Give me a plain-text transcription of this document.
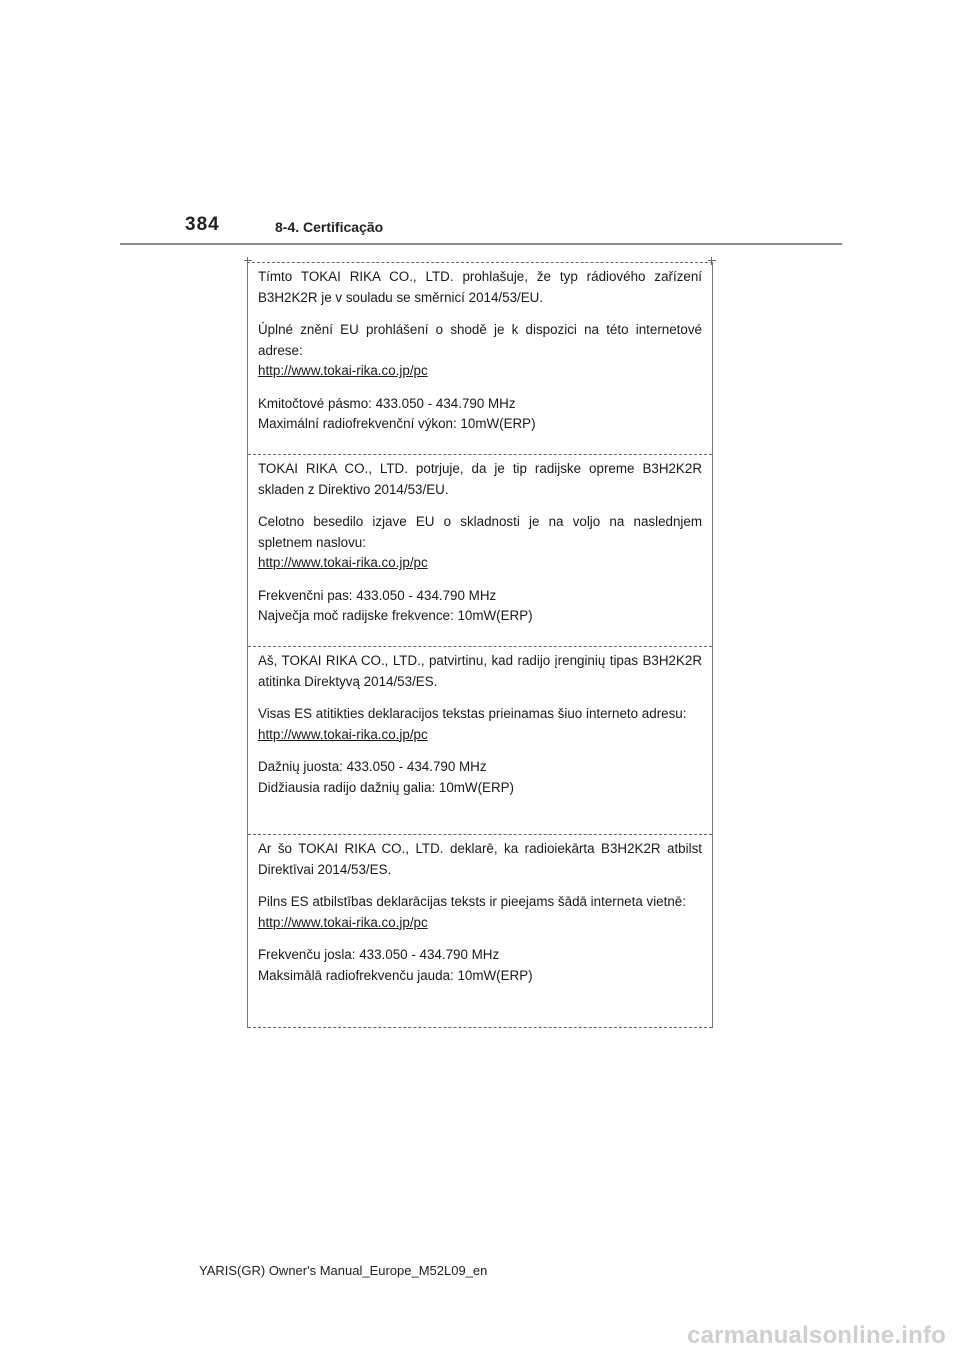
384	8-4. Certificação

Tímto TOKAI RIKA CO., LTD. prohlašuje, že typ rádiového zařízení B3H2K2R je v souladu se směrnicí 2014/53/EU.

Úplné znění EU prohlášení o shodě je k dispozici na této internetové adrese:

http://www.tokai-rika.co.jp/pc

Kmitočtové pásmo: 433.050 - 434.790 MHz

Maximální radiofrekvenční výkon: 10mW(ERP)

TOKAI RIKA CO., LTD. potrjuje, da je tip radijske opreme B3H2K2R skladen z Direktivo 2014/53/EU.

Celotno besedilo izjave EU o skladnosti je na voljo na naslednjem spletnem naslovu:

http://www.tokai-rika.co.jp/pc

Frekvenčni pas: 433.050 - 434.790 MHz

Največja moč radijske frekvence: 10mW(ERP)

Aš, TOKAI RIKA CO., LTD., patvirtinu, kad radijo įrenginių tipas B3H2K2R atitinka Direktyvą 2014/53/ES.

Visas ES atitikties deklaracijos tekstas prieinamas šiuo interneto adresu:

http://www.tokai-rika.co.jp/pc

Dažnių juosta: 433.050 - 434.790 MHz

Didžiausia radijo dažnių galia: 10mW(ERP)

Ar šo TOKAI RIKA CO., LTD. deklarē, ka radioiekārta B3H2K2R atbilst Direktīvai 2014/53/ES.

Pilns ES atbilstības deklarācijas teksts ir pieejams šādā interneta vietnē:

http://www.tokai-rika.co.jp/pc

Frekvenču josla: 433.050 - 434.790 MHz

Maksimālā radiofrekvenču jauda: 10mW(ERP)

YARIS(GR) Owner's Manual_Europe_M52L09_en
carmanualsonline.info
